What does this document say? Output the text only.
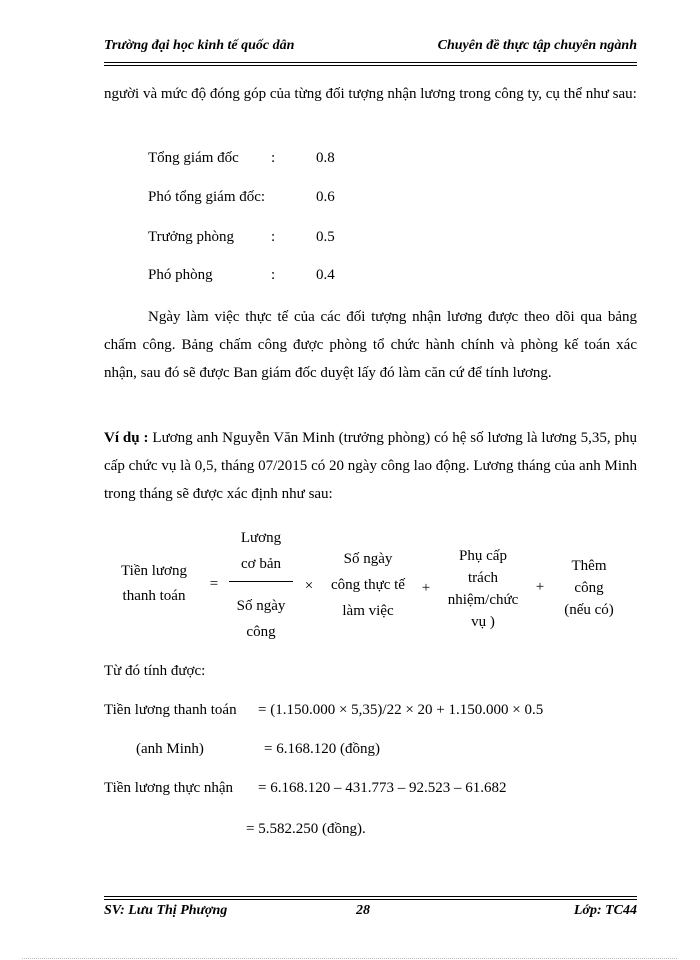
Trường đại học kinh tế quốc dân	Chuyên đề thực tập chuyên ngành

người và mức độ đóng góp của từng đối tượng nhận lương trong công ty, cụ thể như sau:

Tổng giám đốc :	0.8
Phó tổng giám đốc:	0.6
Trưởng phòng :	0.5
Phó phòng	:	0.4

Ngày làm việc thực tế của các đối tượng nhận lương được theo dõi qua bảng chấm công. Bảng chấm công được phòng tổ chức hành chính và phòng kế toán xác nhận, sau đó sẽ được Ban giám đốc duyệt lấy đó làm căn cứ để tính lương.

Ví dụ : Lương anh Nguyễn Văn Minh (trưởng phòng) có hệ số lương là lương 5,35, phụ cấp chức vụ là 0,5, tháng 07/2015 có 20 ngày công lao động. Lương tháng của anh Minh trong tháng sẽ được xác định như sau:

Tiền lương
thanh toán
=
Lương
cơ bản
Số ngày
công
×
Số ngày
công thực tế
làm việc
+
Phụ cấp
trách
nhiệm/chức
vụ )
+
Thêm
công
(nếu có)
Từ đó tính được:
Tiền lương thanh toán = (1.150.000 × 5,35)/22 × 20 + 1.150.000 × 0.5
(anh Minh)	= 6.168.120 (đồng)
Tiền lương thực nhận = 6.168.120 – 431.773 – 92.523 – 61.682
= 5.582.250 (đồng).
SV: Lưu Thị Phượng	28	Lớp: TC44
